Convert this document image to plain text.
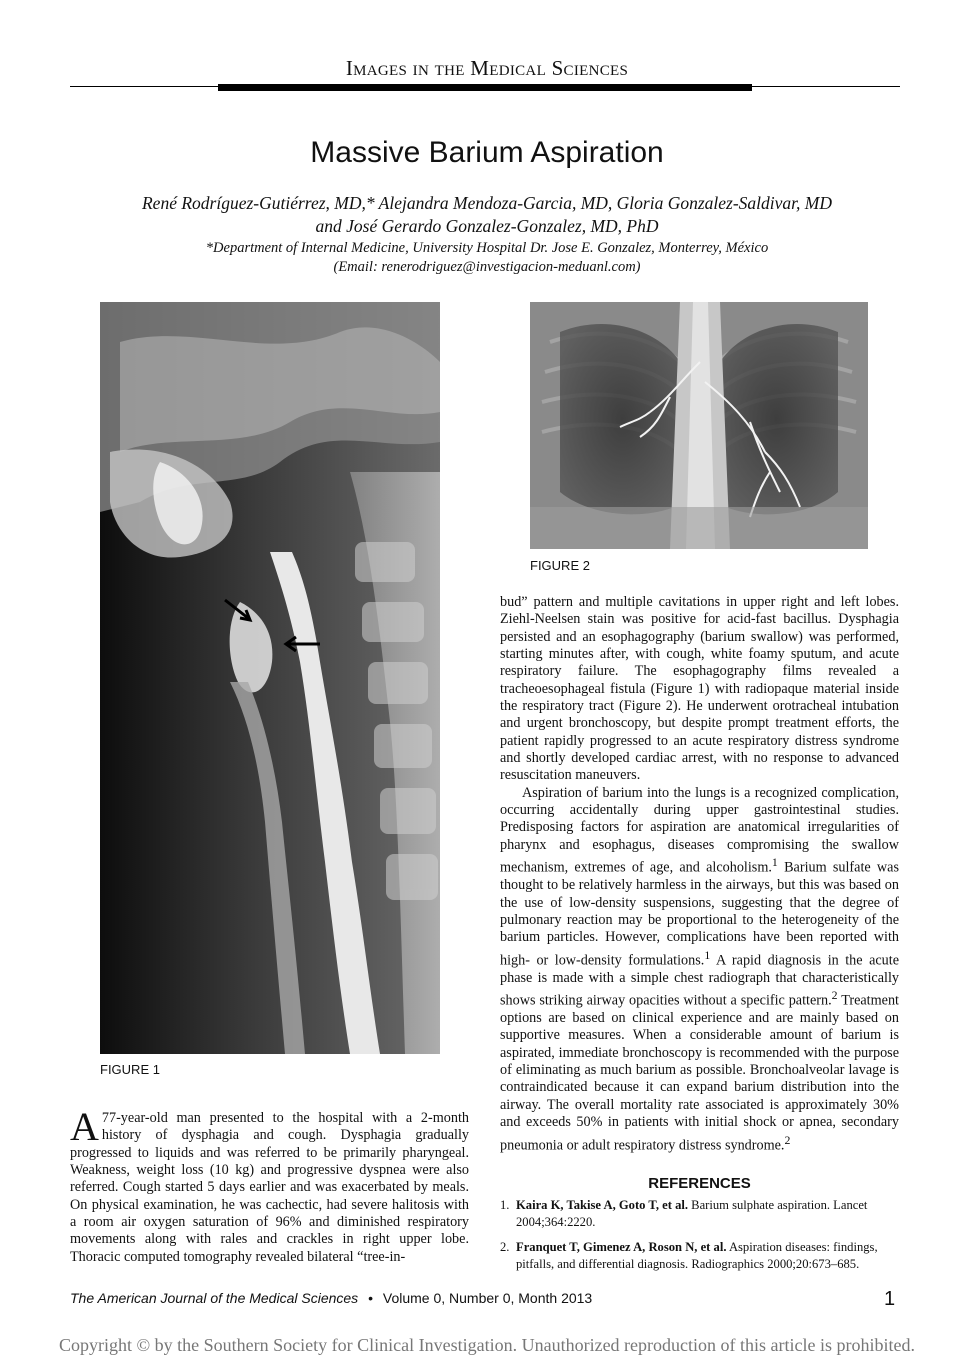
Images in the Medical Sciences
Massive Barium Aspiration
René Rodríguez-Gutiérrez, MD,* Alejandra Mendoza-Garcia, MD, Gloria Gonzalez-Saldivar, MD
and José Gerardo Gonzalez-Gonzalez, MD, PhD
*Department of Internal Medicine, University Hospital Dr. Jose E. Gonzalez, Monterrey, México
(Email: renerodriguez@investigacion-meduanl.com)
FIGURE 1
FIGURE 2

A 77-year-old man presented to the hospital with a 2-month history of dysphagia and cough. Dysphagia gradually progressed to liquids and was referred to be primarily pharyngeal. Weakness, weight loss (10 kg) and progressive dyspnea were also referred. Cough started 5 days earlier and was exacerbated by meals. On physical examination, he was cachectic, had severe halitosis with a room air oxygen saturation of 96% and diminished respiratory movements along with rales and crackles in right upper lobe. Thoracic computed tomography revealed bilateral “tree-in-

bud” pattern and multiple cavitations in upper right and left lobes. Ziehl-Neelsen stain was positive for acid-fast bacillus. Dysphagia persisted and an esophagography (barium swallow) was performed, starting minutes after, with cough, white foamy sputum, and acute respiratory failure. The esophagography films revealed a tracheoesophageal fistula (Figure 1) with radiopaque material inside the respiratory tract (Figure 2). He underwent orotracheal intubation and urgent bronchoscopy, but despite prompt treatment efforts, the patient rapidly progressed to an acute respiratory distress syndrome and shortly developed cardiac arrest, with no response to advanced resuscitation maneuvers.

Aspiration of barium into the lungs is a recognized complication, occurring accidentally during upper gastrointestinal studies. Predisposing factors for aspiration are anatomical irregularities of pharynx and esophagus, diseases compromising the swallow mechanism, extremes of age, and alcoholism.$^1$ Barium sulfate was thought to be relatively harmless in the airways, but this was based on the use of low-density suspensions, suggesting that the degree of pulmonary reaction may be proportional to the heterogeneity of the barium particles. However, complications have been reported with high- or low-density formulations.$^1$ A rapid diagnosis in the acute phase is made with a simple chest radiograph that characteristically shows striking airway opacities without a specific pattern.$^2$ Treatment options are based on clinical experience and are mainly based on supportive measures. When a considerable amount of barium is aspirated, immediate bronchoscopy is recommended with the purpose of eliminating as much barium as possible. Bronchoalveolar lavage is contraindicated because it can expand barium distribution into the airway. The overall mortality rate associated is approximately 30% and exceeds 50% in patients with initial shock or apnea, secondary pneumonia or adult respiratory distress syndrome.$^2$

REFERENCES
1. Kaira K, Takise A, Goto T, et al. Barium sulphate aspiration. Lancet 2004;364:2220.
2. Franquet T, Gimenez A, Roson N, et al. Aspiration diseases: findings, pitfalls, and differential diagnosis. Radiographics 2000;20:673–685.
The American Journal of the Medical Sciences • Volume 0, Number 0, Month 2013	1
Copyright © by the Southern Society for Clinical Investigation. Unauthorized reproduction of this article is prohibited.
